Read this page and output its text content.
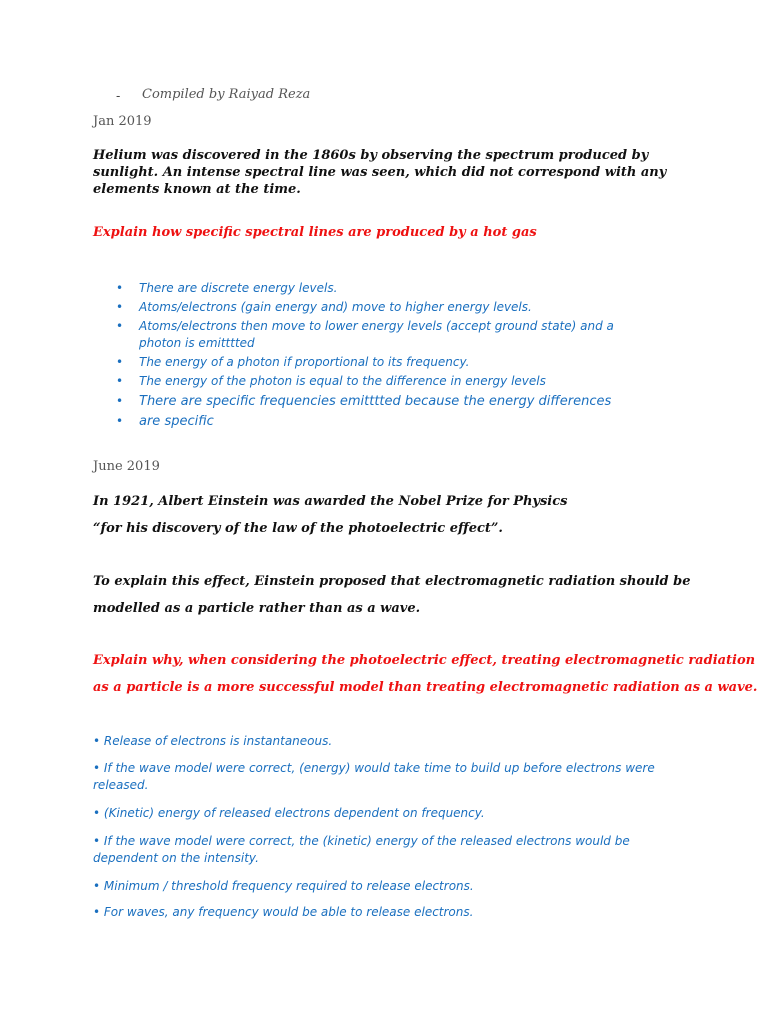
- Compiled by Raiyad Reza
Jan 2019
Helium was discovered in the 1860s by observing the spectrum produced by sunlight. An intense spectral line was seen, which did not correspond with any elements known at the time.
Explain how specific spectral lines are produced by a hot gas
• There are discrete energy levels.
• Atoms/electrons (gain energy and) move to higher energy levels.
• Atoms/electrons then move to lower energy levels (accept ground state) and a photon is emitttted
• The energy of a photon if proportional to its frequency.
• The energy of the photon is equal to the difference in energy levels
• There are specific frequencies emitttted because the energy differences
• are specific
June 2019
In 1921, Albert Einstein was awarded the Nobel Prize for Physics
“for his discovery of the law of the photoelectric effect”.
To explain this effect, Einstein proposed that electromagnetic radiation should be
modelled as a particle rather than as a wave.
Explain why, when considering the photoelectric effect, treating electromagnetic radiation
as a particle is a more successful model than treating electromagnetic radiation as a wave.
• Release of electrons is instantaneous.
• If the wave model were correct, (energy) would take time to build up before electrons were released.
• (Kinetic) energy of released electrons dependent on frequency.
• If the wave model were correct, the (kinetic) energy of the released electrons would be dependent on the intensity.
• Minimum / threshold frequency required to release electrons.
• For waves, any frequency would be able to release electrons.
